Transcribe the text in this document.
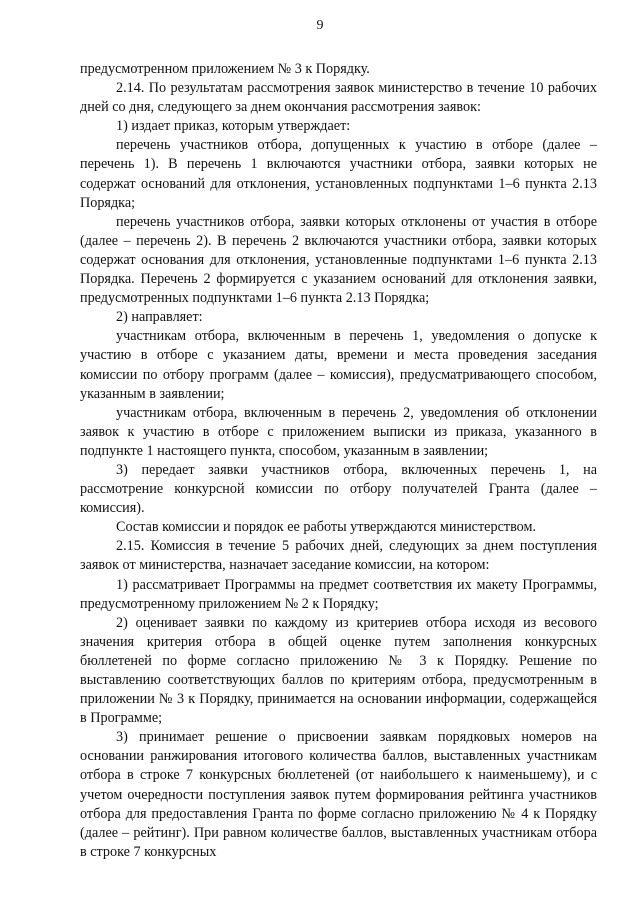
9

предусмотренном приложением № 3 к Порядку.

2.14. По результатам рассмотрения заявок министерство в течение 10 рабочих дней со дня, следующего за днем окончания рассмотрения заявок:

1) издает приказ, которым утверждает:

перечень участников отбора, допущенных к участию в отборе (далее – перечень 1). В перечень 1 включаются участники отбора, заявки которых не содержат оснований для отклонения, установленных подпунктами 1–6 пункта 2.13 Порядка;

перечень участников отбора, заявки которых отклонены от участия в отборе (далее – перечень 2). В перечень 2 включаются участники отбора, заявки которых содержат основания для отклонения, установленные подпунктами 1–6 пункта 2.13 Порядка. Перечень 2 формируется с указанием оснований для отклонения заявки, предусмотренных подпунктами 1–6 пункта 2.13 Порядка;

2) направляет:

участникам отбора, включенным в перечень 1, уведомления о допуске к участию в отборе с указанием даты, времени и места проведения заседания комиссии по отбору программ (далее – комиссия), предусматривающего способом, указанным в заявлении;

участникам отбора, включенным в перечень 2, уведомления об отклонении заявок к участию в отборе с приложением выписки из приказа, указанного в подпункте 1 настоящего пункта, способом, указанным в заявлении;

3) передает заявки участников отбора, включенных перечень 1, на рассмотрение конкурсной комиссии по отбору получателей Гранта (далее – комиссия).

Состав комиссии и порядок ее работы утверждаются министерством.

2.15. Комиссия в течение 5 рабочих дней, следующих за днем поступления заявок от министерства, назначает заседание комиссии, на котором:

1) рассматривает Программы на предмет соответствия их макету Программы, предусмотренному приложением № 2 к Порядку;

2) оценивает заявки по каждому из критериев отбора исходя из весового значения критерия отбора в общей оценке путем заполнения конкурсных бюллетеней по форме согласно приложению № 3 к Порядку. Решение по выставлению соответствующих баллов по критериям отбора, предусмотренным в приложении № 3 к Порядку, принимается на основании информации, содержащейся в Программе;

3) принимает решение о присвоении заявкам порядковых номеров на основании ранжирования итогового количества баллов, выставленных участникам отбора в строке 7 конкурсных бюллетеней (от наибольшего к наименьшему), и с учетом очередности поступления заявок путем формирования рейтинга участников отбора для предоставления Гранта по форме согласно приложению № 4 к Порядку (далее – рейтинг). При равном количестве баллов, выставленных участникам отбора в строке 7 конкурсных
